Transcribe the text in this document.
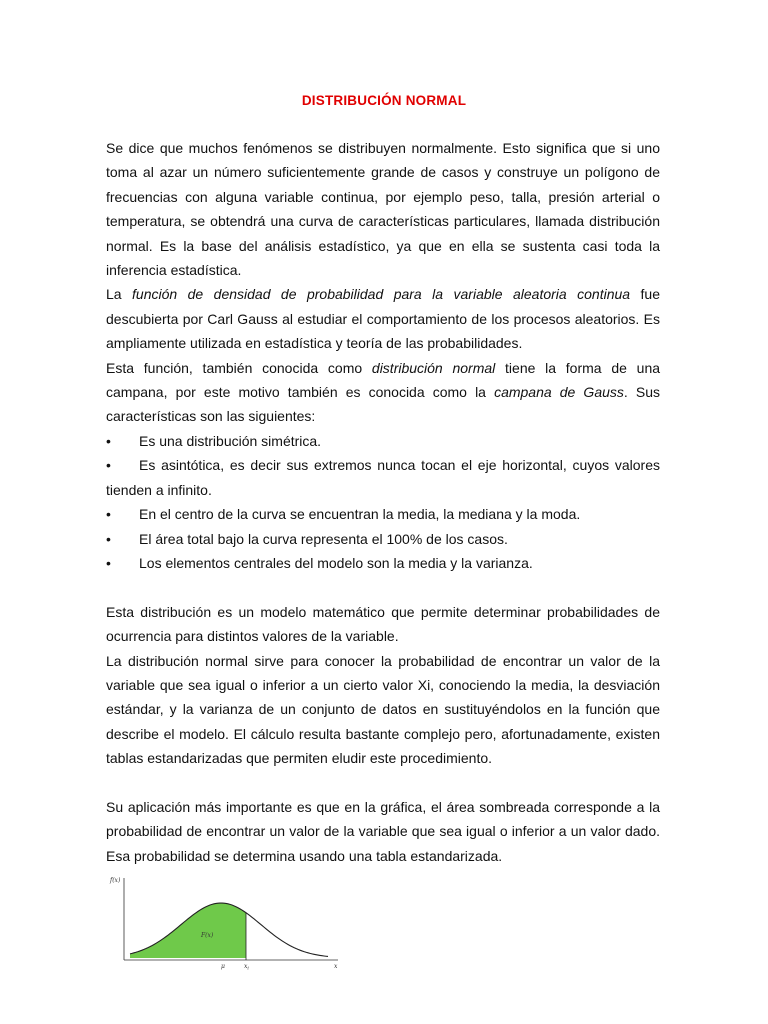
DISTRIBUCIÓN NORMAL

Se dice que muchos fenómenos se distribuyen normalmente. Esto significa que si uno toma al azar un número suficientemente grande de casos y construye un polígono de frecuencias con alguna variable continua, por ejemplo peso, talla, presión arterial o temperatura, se obtendrá una curva de características particulares, llamada distribución normal. Es la base del análisis estadístico, ya que en ella se sustenta casi toda la inferencia estadística.

La función de densidad de probabilidad para la variable aleatoria continua fue descubierta por Carl Gauss al estudiar el comportamiento de los procesos aleatorios. Es ampliamente utilizada en estadística y teoría de las probabilidades.

Esta función, también conocida como distribución normal tiene la forma de una campana, por este motivo también es conocida como la campana de Gauss. Sus características son las siguientes:

•	Es una distribución simétrica.
•	Es asintótica, es decir sus extremos nunca tocan el eje horizontal, cuyos valores

tienden a infinito.

•	En el centro de la curva se encuentran la media, la mediana y la moda.
•	El área total bajo la curva representa el 100% de los casos.
•	Los elementos centrales del modelo son la media y la varianza.

Esta distribución es un modelo matemático que permite determinar probabilidades de ocurrencia para distintos valores de la variable.

La distribución normal sirve para conocer la probabilidad de encontrar un valor de la variable que sea igual o inferior a un cierto valor Xi, conociendo la media, la desviación estándar, y la varianza de un conjunto de datos en sustituyéndolos en la función que describe el modelo. El cálculo resulta bastante complejo pero, afortunadamente, existen tablas estandarizadas que permiten eludir este procedimiento.

Su aplicación más importante es que en la gráfica, el área sombreada corresponde a la probabilidad de encontrar un valor de la variable que sea igual o inferior a un valor dado. Esa probabilidad se determina usando una tabla estandarizada.

f(x)
x
F(x)
μ	$x_i$
